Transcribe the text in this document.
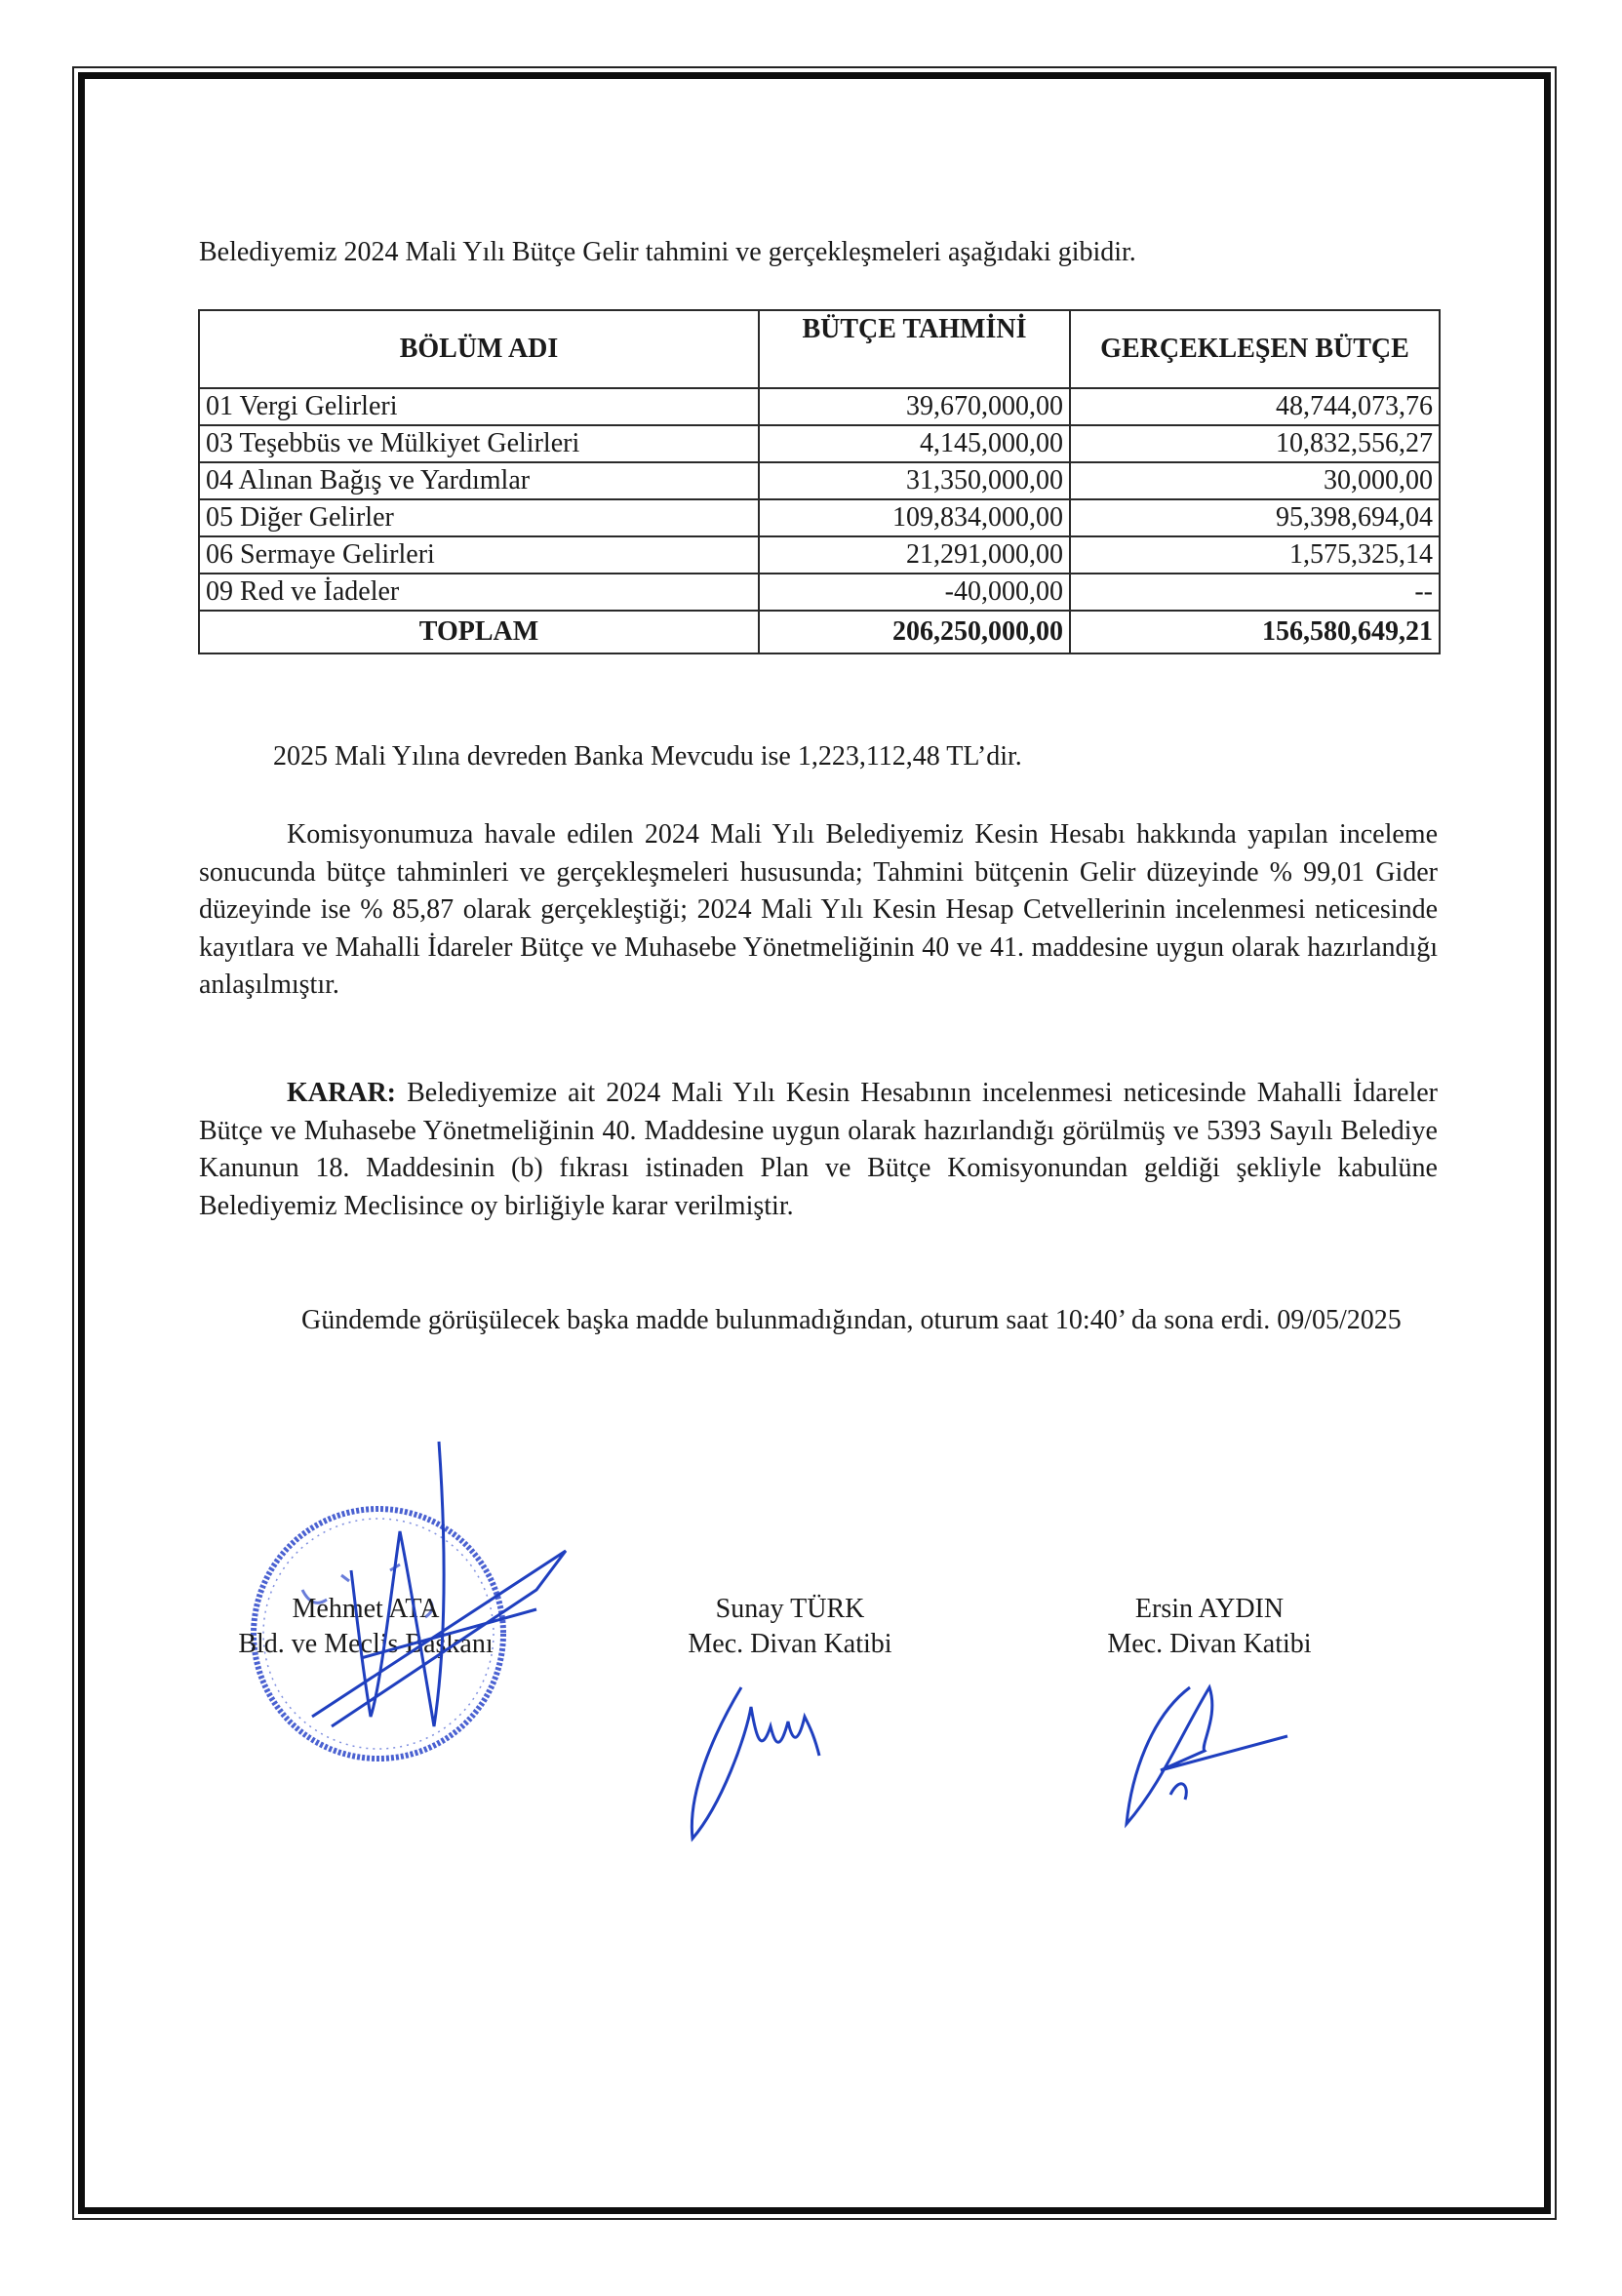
Belediyemiz 2024 Mali Yılı Bütçe Gelir tahmini ve gerçekleşmeleri aşağıdaki gibidir.
BÖLÜM ADI	BÜTÇE TAHMİNİ	GERÇEKLEŞEN BÜTÇE
01 Vergi Gelirleri	39,670,000,00	48,744,073,76
03 Teşebbüs ve Mülkiyet Gelirleri	4,145,000,00	10,832,556,27
04 Alınan Bağış ve Yardımlar	31,350,000,00	30,000,00
05 Diğer Gelirler	109,834,000,00	95,398,694,04
06 Sermaye Gelirleri	21,291,000,00	1,575,325,14
09 Red ve İadeler	-40,000,00	--
TOPLAM	206,250,000,00	156,580,649,21
2025 Mali Yılına devreden Banka Mevcudu ise 1,223,112,48 TL’dir.
Komisyonumuza havale edilen 2024 Mali Yılı Belediyemiz Kesin Hesabı hakkında yapılan inceleme sonucunda bütçe tahminleri ve gerçekleşmeleri hususunda; Tahmini bütçenin Gelir düzeyinde % 99,01 Gider düzeyinde ise % 85,87 olarak gerçekleştiği; 2024 Mali Yılı Kesin Hesap Cetvellerinin incelenmesi neticesinde kayıtlara ve Mahalli İdareler Bütçe ve Muhasebe Yönetmeliğinin 40 ve 41. maddesine uygun olarak hazırlandığı anlaşılmıştır.
KARAR: Belediyemize ait 2024 Mali Yılı Kesin Hesabının incelenmesi neticesinde Mahalli İdareler Bütçe ve Muhasebe Yönetmeliğinin 40. Maddesine uygun olarak hazırlandığı görülmüş ve 5393 Sayılı Belediye Kanunun 18. Maddesinin (b) fıkrası istinaden Plan ve Bütçe Komisyonundan geldiği şekliyle kabulüne Belediyemiz Meclisince oy birliğiyle karar verilmiştir.
Gündemde görüşülecek başka madde bulunmadığından, oturum saat 10:40’ da sona erdi. 09/05/2025
Mehmet ATA
Bld. ve Meclis Başkanı
Sunay TÜRK
Mec. Divan Katibi
Ersin AYDIN
Mec. Divan Katibi
